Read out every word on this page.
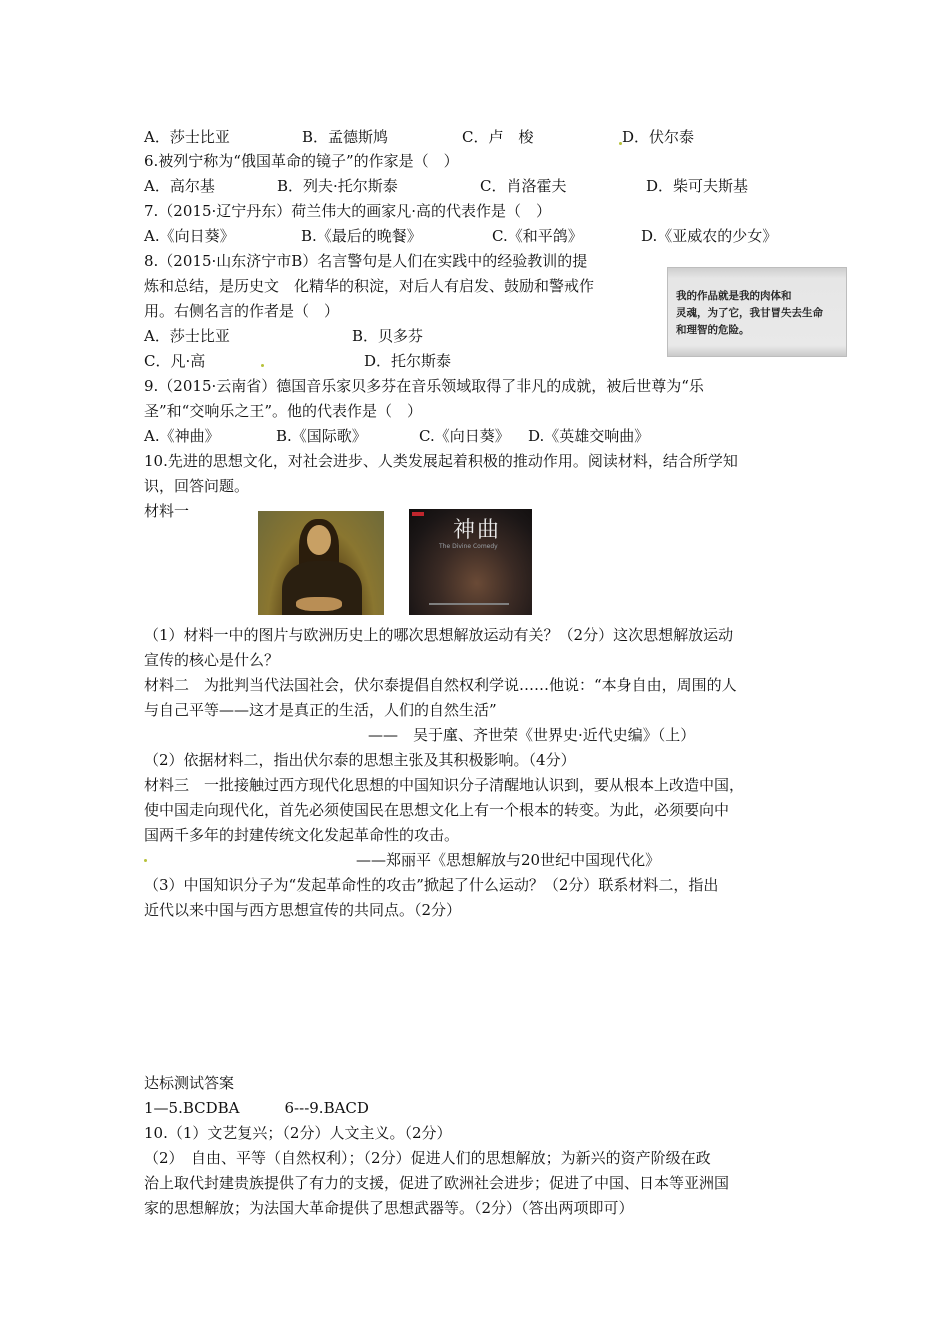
A．莎士比亚	B．孟德斯鸠	C．卢　梭	D．伏尔泰
6.被列宁称为“俄国革命的镜子”的作家是（　）
A．高尔基	B．列夫·托尔斯泰	C．肖洛霍夫	D．柴可夫斯基
7.（2015·辽宁丹东）荷兰伟大的画家凡·高的代表作是（　）
A.《向日葵》	B.《最后的晚餐》	C.《和平鸽》	D.《亚威农的少女》
8.（2015·山东济宁市B）名言警句是人们在实践中的经验教训的提
炼和总结，是历史文　化精华的积淀，对后人有启发、鼓励和警戒作
用。右侧名言的作者是（　）
A．莎士比亚	B．贝多芬
C．凡·高	D．托尔斯泰
我的作品就是我的肉体和
灵魂，为了它，我甘冒失去生命
和理智的危险。
9.（2015·云南省）德国音乐家贝多芬在音乐领域取得了非凡的成就，被后世尊为“乐
圣”和“交响乐之王”。他的代表作是（　）
A.《神曲》	B.《国际歌》	C.《向日葵》 D.《英雄交响曲》
10.先进的思想文化，对社会进步、人类发展起着积极的推动作用。阅读材料，结合所学知
识，回答问题。
材料一
神曲
The Divine Comedy
（1）材料一中的图片与欧洲历史上的哪次思想解放运动有关？（2分）这次思想解放运动
宣传的核心是什么？
材料二　为批判当代法国社会，伏尔泰提倡自然权利学说……他说：“本身自由，周围的人
与自己平等——这才是真正的生活，人们的自然生活”
——　吴于廑、齐世荣《世界史·近代史编》（上）
（2）依据材料二，指出伏尔泰的思想主张及其积极影响。（4分）
材料三　一批接触过西方现代化思想的中国知识分子清醒地认识到，要从根本上改造中国，
使中国走向现代化，首先必须使国民在思想文化上有一个根本的转变。为此，必须要向中
国两千多年的封建传统文化发起革命性的攻击。
——郑丽平《思想解放与20世纪中国现代化》
（3）中国知识分子为“发起革命性的攻击”掀起了什么运动？（2分）联系材料二，指出
近代以来中国与西方思想宣传的共同点。（2分）
达标测试答案
1—5.BCDBA　　　6---9.BACD
10.（1）文艺复兴；（2分）人文主义。（2分）
（2）　自由、平等（自然权利）；（2分）促进人们的思想解放；为新兴的资产阶级在政
治上取代封建贵族提供了有力的支援，促进了欧洲社会进步；促进了中国、日本等亚洲国
家的思想解放；为法国大革命提供了思想武器等。（2分）（答出两项即可）
